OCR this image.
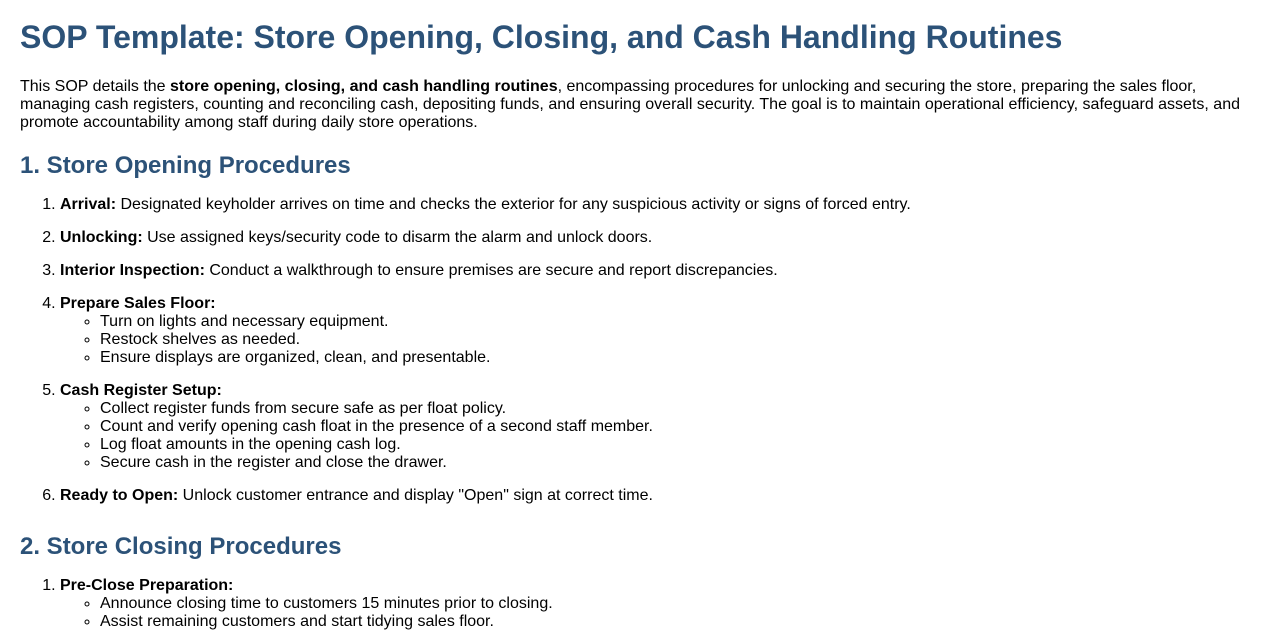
SOP Template: Store Opening, Closing, and Cash Handling Routines

This SOP details the store opening, closing, and cash handling routines, encompassing procedures for unlocking and securing the store, preparing the sales floor, managing cash registers, counting and reconciling cash, depositing funds, and ensuring overall security. The goal is to maintain operational efficiency, safeguard assets, and promote accountability among staff during daily store operations.

1. Store Opening Procedures
1. Arrival: Designated keyholder arrives on time and checks the exterior for any suspicious activity or signs of forced entry.
2. Unlocking: Use assigned keys/security code to disarm the alarm and unlock doors.
3. Interior Inspection: Conduct a walkthrough to ensure premises are secure and report discrepancies.
4. Prepare Sales Floor:
◦ Turn on lights and necessary equipment.
◦ Restock shelves as needed.
◦ Ensure displays are organized, clean, and presentable.
5. Cash Register Setup:
◦ Collect register funds from secure safe as per float policy.
◦ Count and verify opening cash float in the presence of a second staff member.
◦ Log float amounts in the opening cash log.
◦ Secure cash in the register and close the drawer.
6. Ready to Open: Unlock customer entrance and display "Open" sign at correct time.
2. Store Closing Procedures
1. Pre-Close Preparation:
◦ Announce closing time to customers 15 minutes prior to closing.
◦ Assist remaining customers and start tidying sales floor.
